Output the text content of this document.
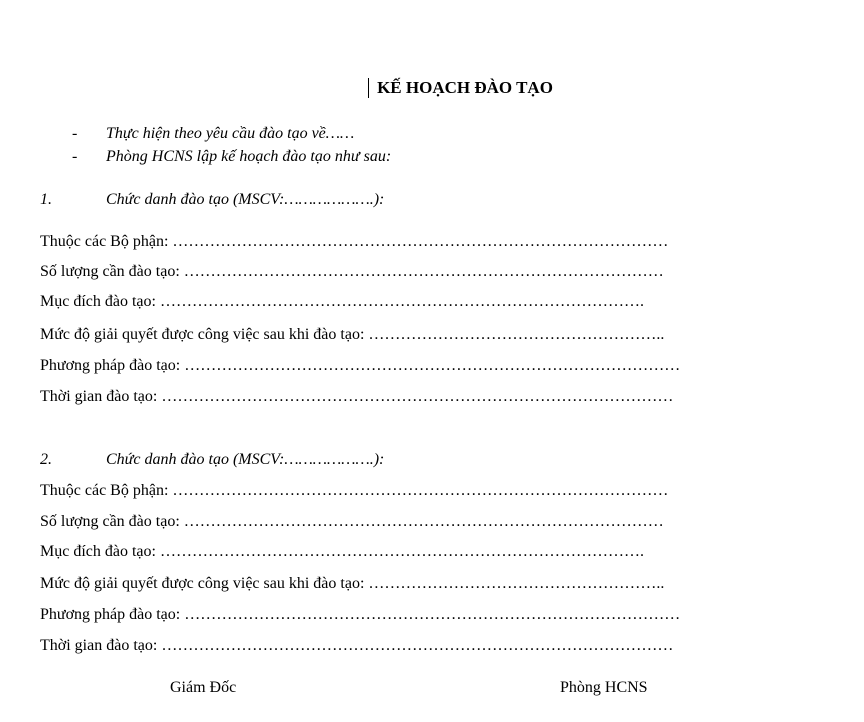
KẾ HOẠCH ĐÀO TẠO
- Thực hiện theo yêu cầu đào tạo về……
- Phòng HCNS lập kế hoạch đào tạo như sau:
1.	Chức danh đào tạo (MSCV:……………….):
Thuộc các Bộ phận: …………………………………………………………………………………
Số lượng cần đào tạo: ………………………………………………………………………………
Mục đích đào tạo: ……………………………………………………………………………….
Mức độ giải quyết được công việc sau khi đào tạo: ………………………………………………..
Phương pháp đào tạo: …………………………………………………………………………………
Thời gian đào tạo: ……………………………………………………………………………………
2.	Chức danh đào tạo (MSCV:……………….):
Thuộc các Bộ phận: …………………………………………………………………………………
Số lượng cần đào tạo: ………………………………………………………………………………
Mục đích đào tạo: ……………………………………………………………………………….
Mức độ giải quyết được công việc sau khi đào tạo: ………………………………………………..
Phương pháp đào tạo: …………………………………………………………………………………
Thời gian đào tạo: ……………………………………………………………………………………
Giám Đốc	Phòng HCNS
